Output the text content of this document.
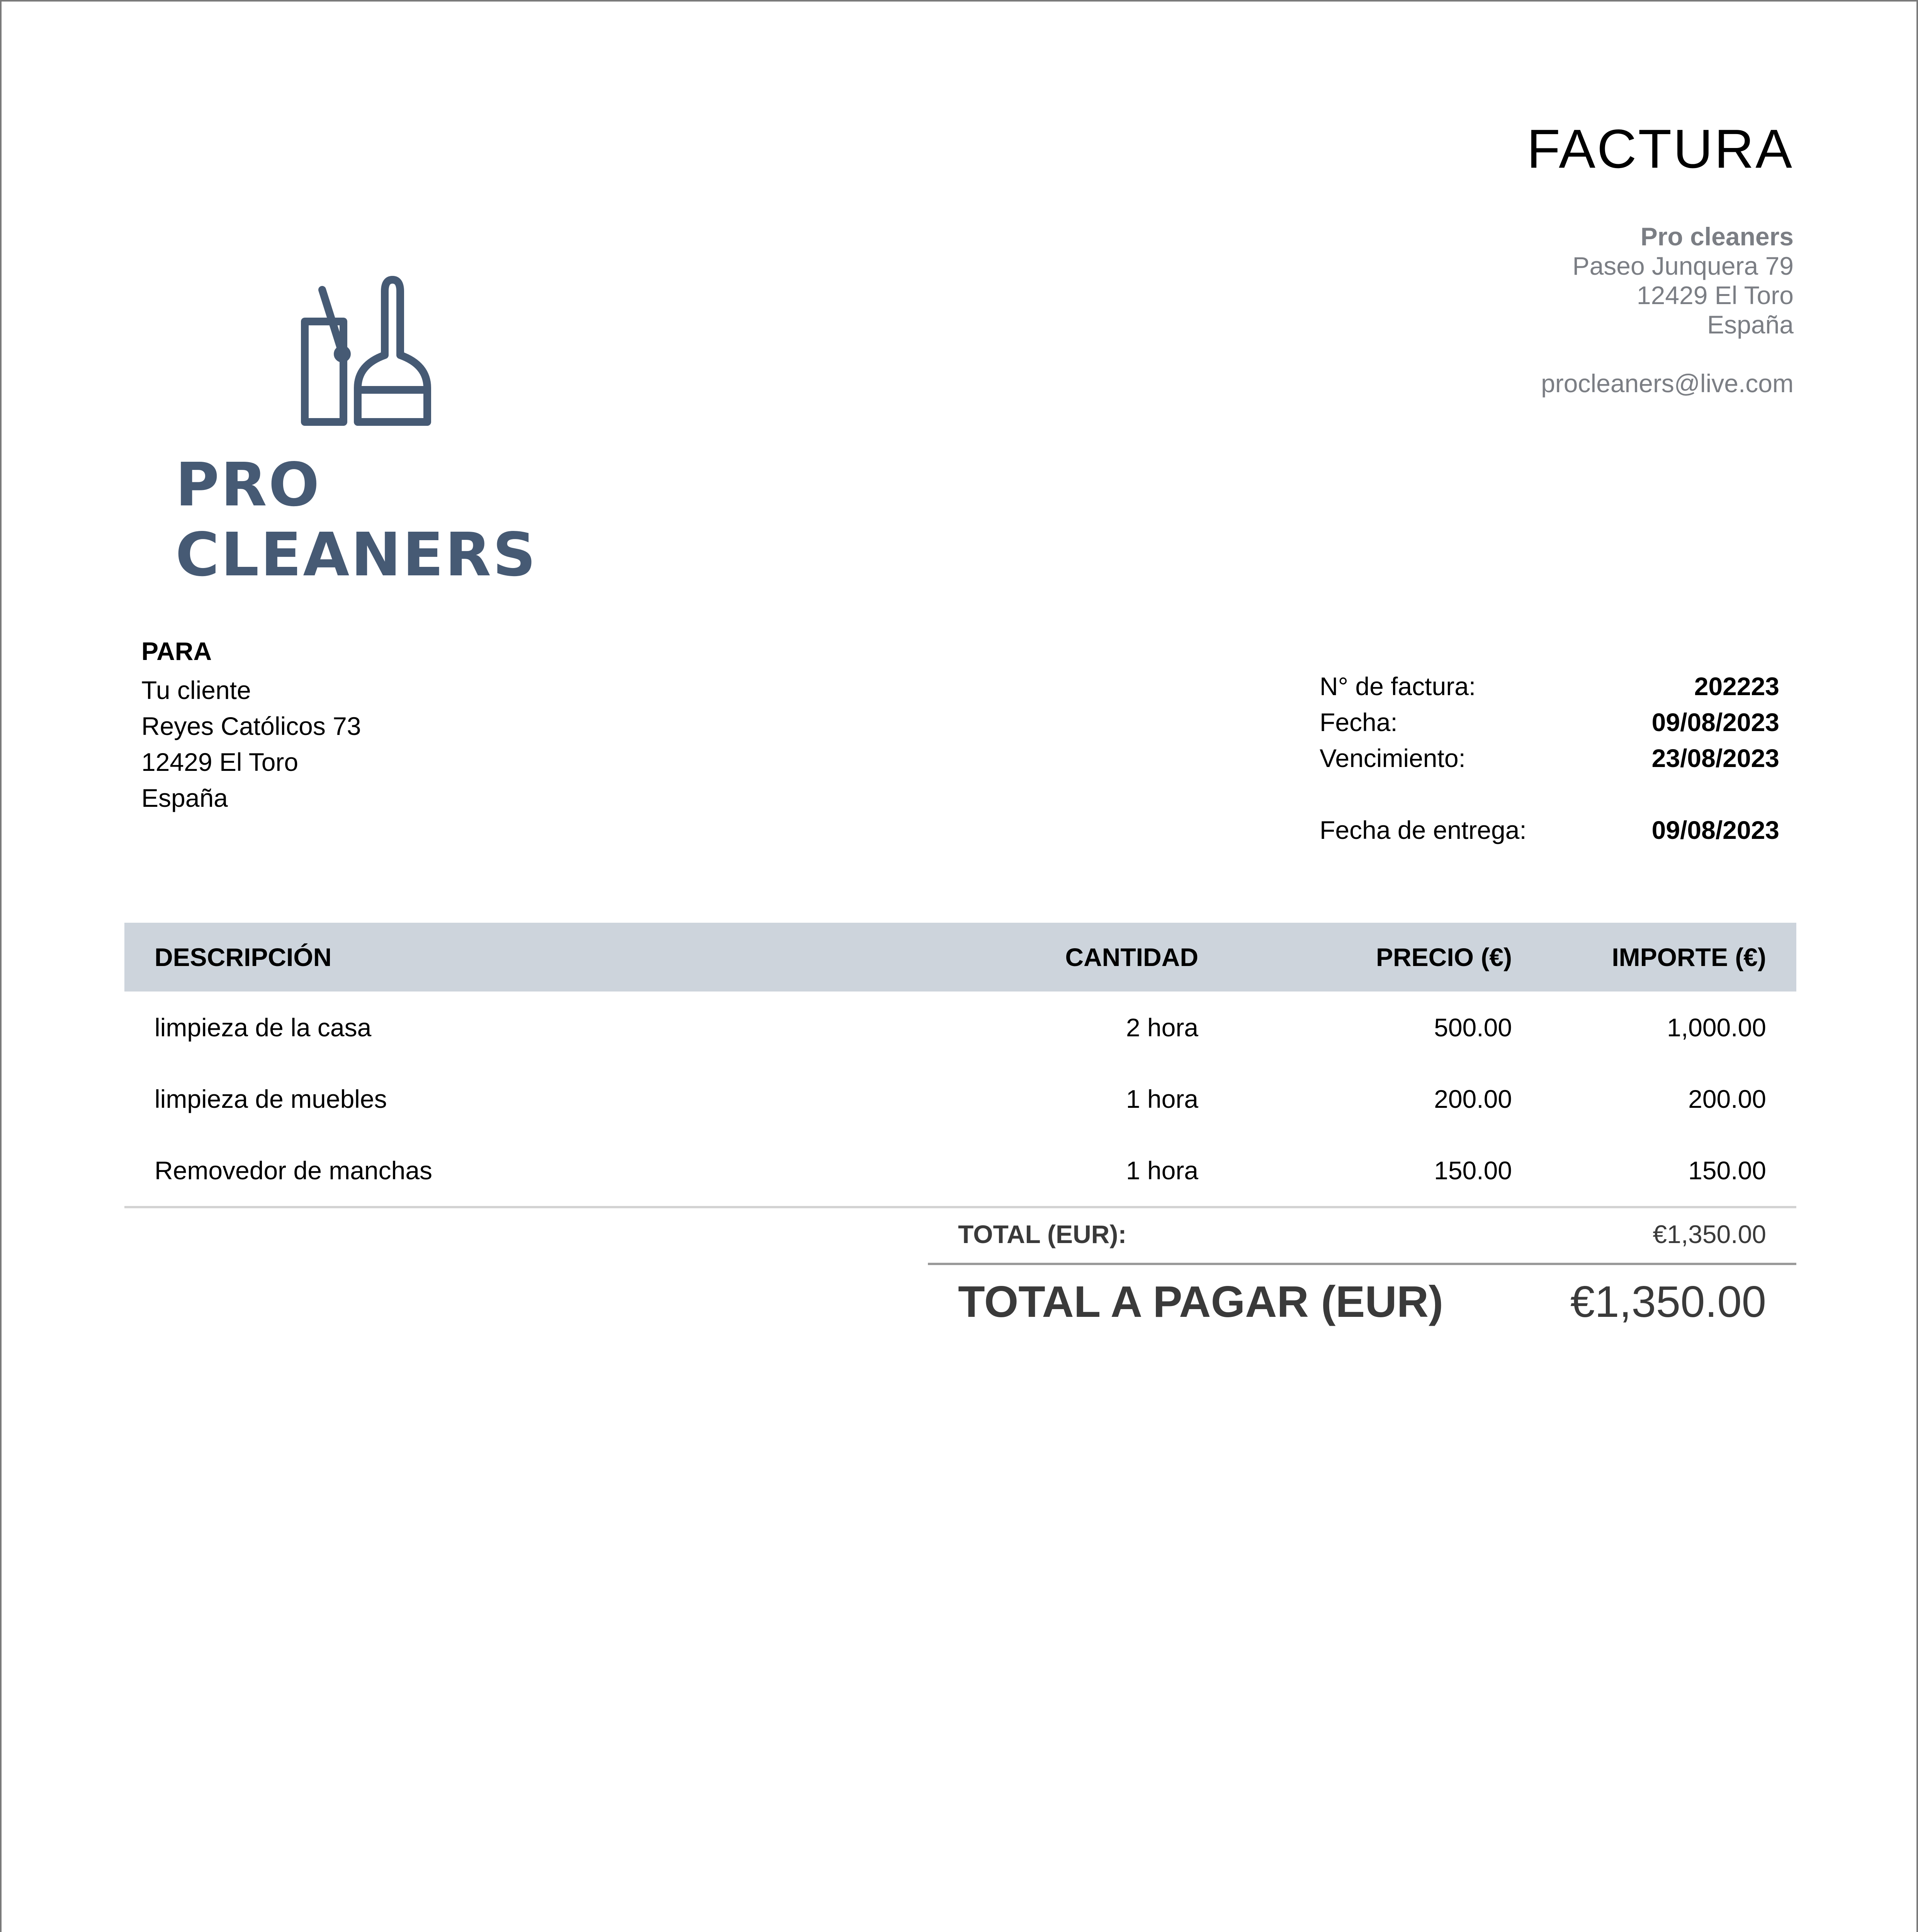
FACTURA
PRO CLEANERS
Pro cleaners
Paseo Junquera 79
12429 El Toro
España
procleaners@live.com
PARA
Tu cliente
Reyes Católicos 73
12429 El Toro
España
N° de factura:	202223
Fecha:	09/08/2023
Vencimiento:	23/08/2023
Fecha de entrega:	09/08/2023
DESCRIPCIÓN	CANTIDAD	PRECIO (€)	IMPORTE (€)
limpieza de la casa	2 hora	500.00	1,000.00
limpieza de muebles	1 hora	200.00	200.00
Removedor de manchas	1 hora	150.00	150.00
TOTAL (EUR):	€1,350.00
TOTAL A PAGAR (EUR)	€1,350.00
